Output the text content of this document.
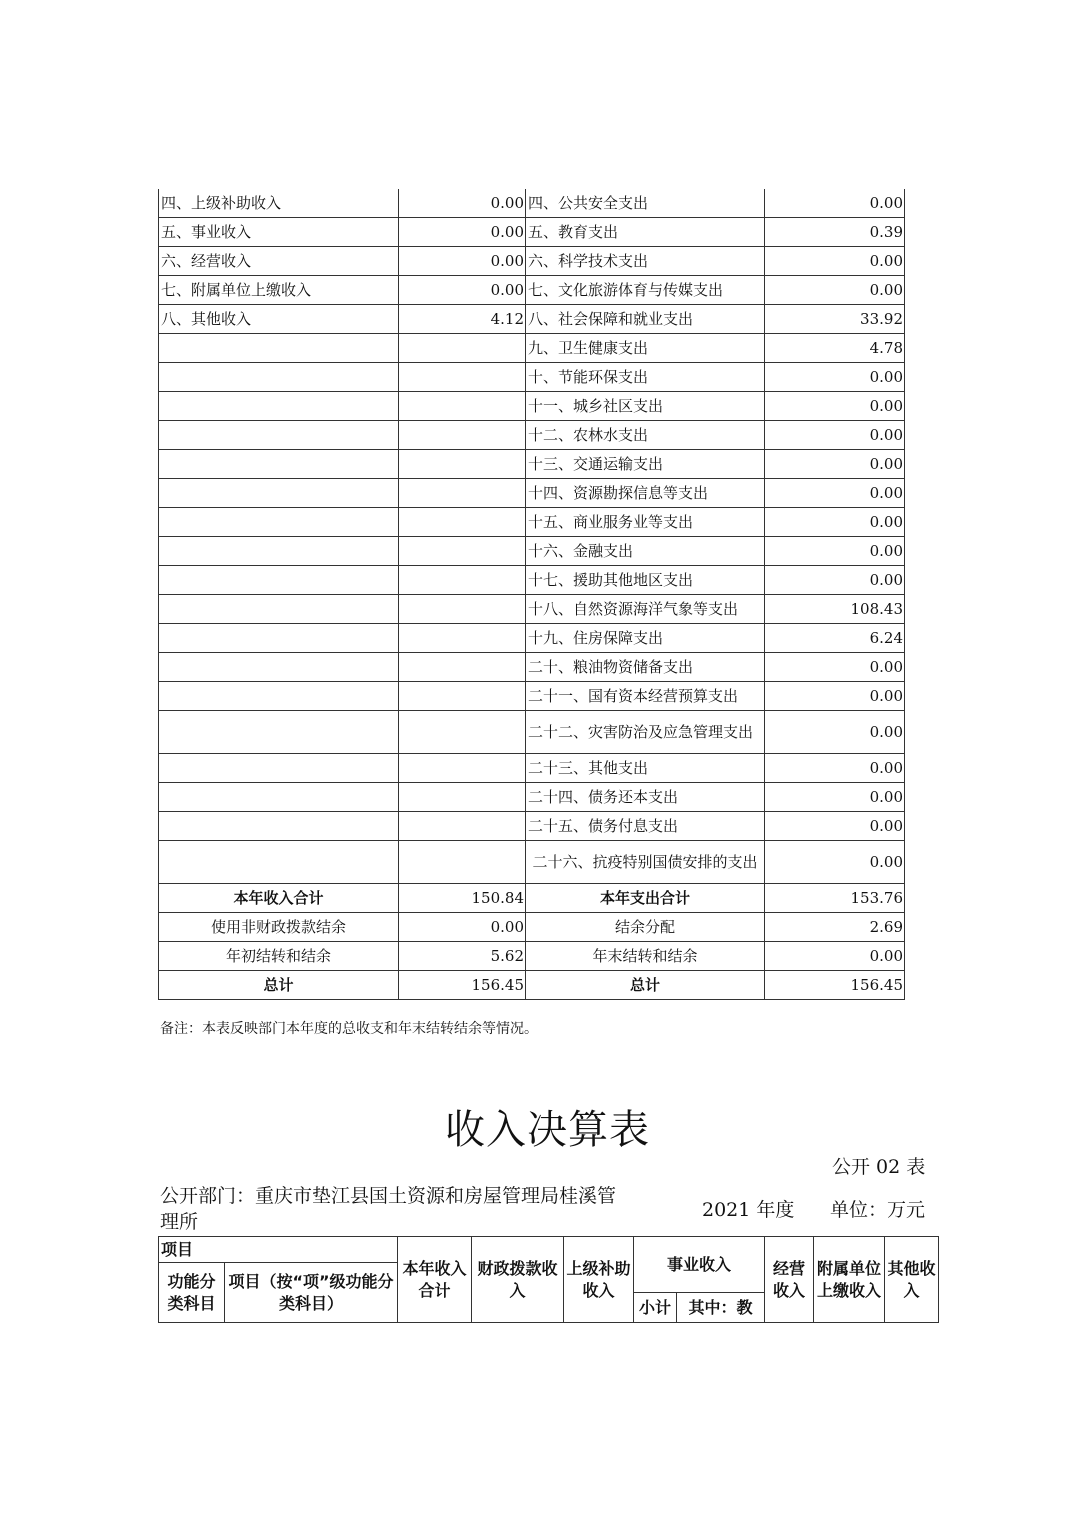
四、上级补助收入	0.00	四、公共安全支出	0.00
五、事业收入	0.00	五、教育支出	0.39
六、经营收入	0.00	六、科学技术支出	0.00
七、附属单位上缴收入	0.00	七、文化旅游体育与传媒支出	0.00
八、其他收入	4.12	八、社会保障和就业支出	33.92
		九、卫生健康支出	4.78
		十、节能环保支出	0.00
		十一、城乡社区支出	0.00
		十二、农林水支出	0.00
		十三、交通运输支出	0.00
		十四、资源勘探信息等支出	0.00
		十五、商业服务业等支出	0.00
		十六、金融支出	0.00
		十七、援助其他地区支出	0.00
		十八、自然资源海洋气象等支出	108.43
		十九、住房保障支出	6.24
		二十、粮油物资储备支出	0.00
		二十一、国有资本经营预算支出	0.00
		二十二、灾害防治及应急管理支出	0.00
		二十三、其他支出	0.00
		二十四、债务还本支出	0.00
		二十五、债务付息支出	0.00
		二十六、抗疫特别国债安排的支出	0.00
本年收入合计	150.84	本年支出合计	153.76
使用非财政拨款结余	0.00	结余分配	2.69
年初结转和结余	5.62	年末结转和结余	0.00
总计	156.45	总计	156.45
备注：本表反映部门本年度的总收支和年末结转结余等情况。
收入决算表
公开 02 表
公开部门：重庆市垫江县国土资源和房屋管理局桂溪管理所
2021 年度 单位：万元
项目		本年收入合计	财政拨款收入	上级补助收入	事业收入		经营收入	附属单位上缴收入	其他收入
功能分类科目	项目（按“项”级功能分类科目）								
					小计	其中：教			
